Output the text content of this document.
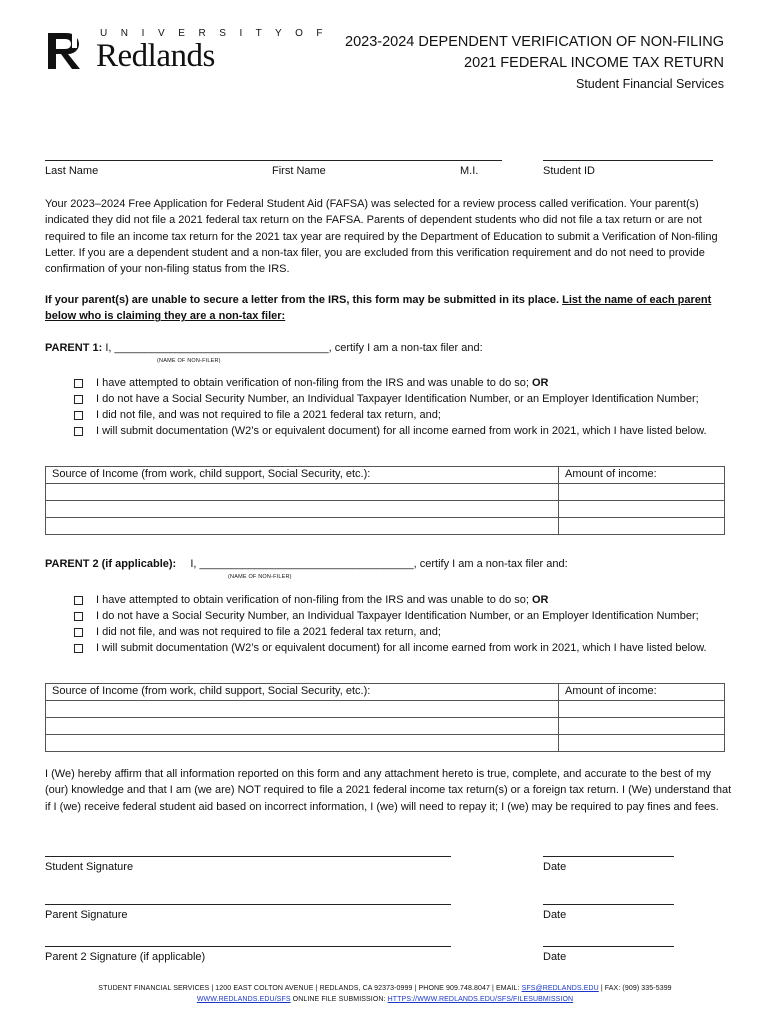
U N I V E R S I T Y O F
Redlands	2023-2024 DEPENDENT VERIFICATION OF NON-FILING
2021 FEDERAL INCOME TAX RETURN
Student Financial Services
Last Name	First Name	M.I.	Student ID
Your 2023–2024 Free Application for Federal Student Aid (FAFSA) was selected for a review process called verification. Your parent(s) indicated they did not file a 2021 federal tax return on the FAFSA. Parents of dependent students who did not file a tax return or are not required to file an income tax return for the 2021 tax year are required by the Department of Education to submit a Verification of Non-filing Letter. If you are a dependent student and a non-tax filer, you are excluded from this verification requirement and do not need to provide confirmation of your non-filing status from the IRS.
If your parent(s) are unable to secure a letter from the IRS, this form may be submitted in its place. List the name of each parent below who is claiming they are a non-tax filer:
PARENT 1: I, ___________________________________, certify I am a non-tax filer and:
(NAME OF NON-FILER)
I have attempted to obtain verification of non-filing from the IRS and was unable to do so; OR
I do not have a Social Security Number, an Individual Taxpayer Identification Number, or an Employer Identification Number;
I did not file, and was not required to file a 2021 federal tax return, and;
I will submit documentation (W2’s or equivalent document) for all income earned from work in 2021, which I have listed below.
Source of Income (from work, child support, Social Security, etc.):	Amount of income:

PARENT 2 (if applicable): I, ___________________________________, certify I am a non-tax filer and:
(NAME OF NON-FILER)
I have attempted to obtain verification of non-filing from the IRS and was unable to do so; OR
I do not have a Social Security Number, an Individual Taxpayer Identification Number, or an Employer Identification Number;
I did not file, and was not required to file a 2021 federal tax return, and;
I will submit documentation (W2’s or equivalent document) for all income earned from work in 2021, which I have listed below.
Source of Income (from work, child support, Social Security, etc.):	Amount of income:

I (We) hereby affirm that all information reported on this form and any attachment hereto is true, complete, and accurate to the best of my (our) knowledge and that I am (we are) NOT required to file a 2021 federal income tax return(s) or a foreign tax return. I (We) understand that if I (we) receive federal student aid based on incorrect information, I (we) will need to repay it; I (we) may be required to pay fines and fees.
Student Signature	Date
Parent Signature	Date
Parent 2 Signature (if applicable)	Date
STUDENT FINANCIAL SERVICES | 1200 EAST COLTON AVENUE | REDLANDS, CA 92373-0999 | PHONE 909.748.8047 | EMAIL: SFS@REDLANDS.EDU | FAX: (909) 335-5399
WWW.REDLANDS.EDU/SFS ONLINE FILE SUBMISSION: HTTPS://WWW.REDLANDS.EDU/SFS/FILESUBMISSION
